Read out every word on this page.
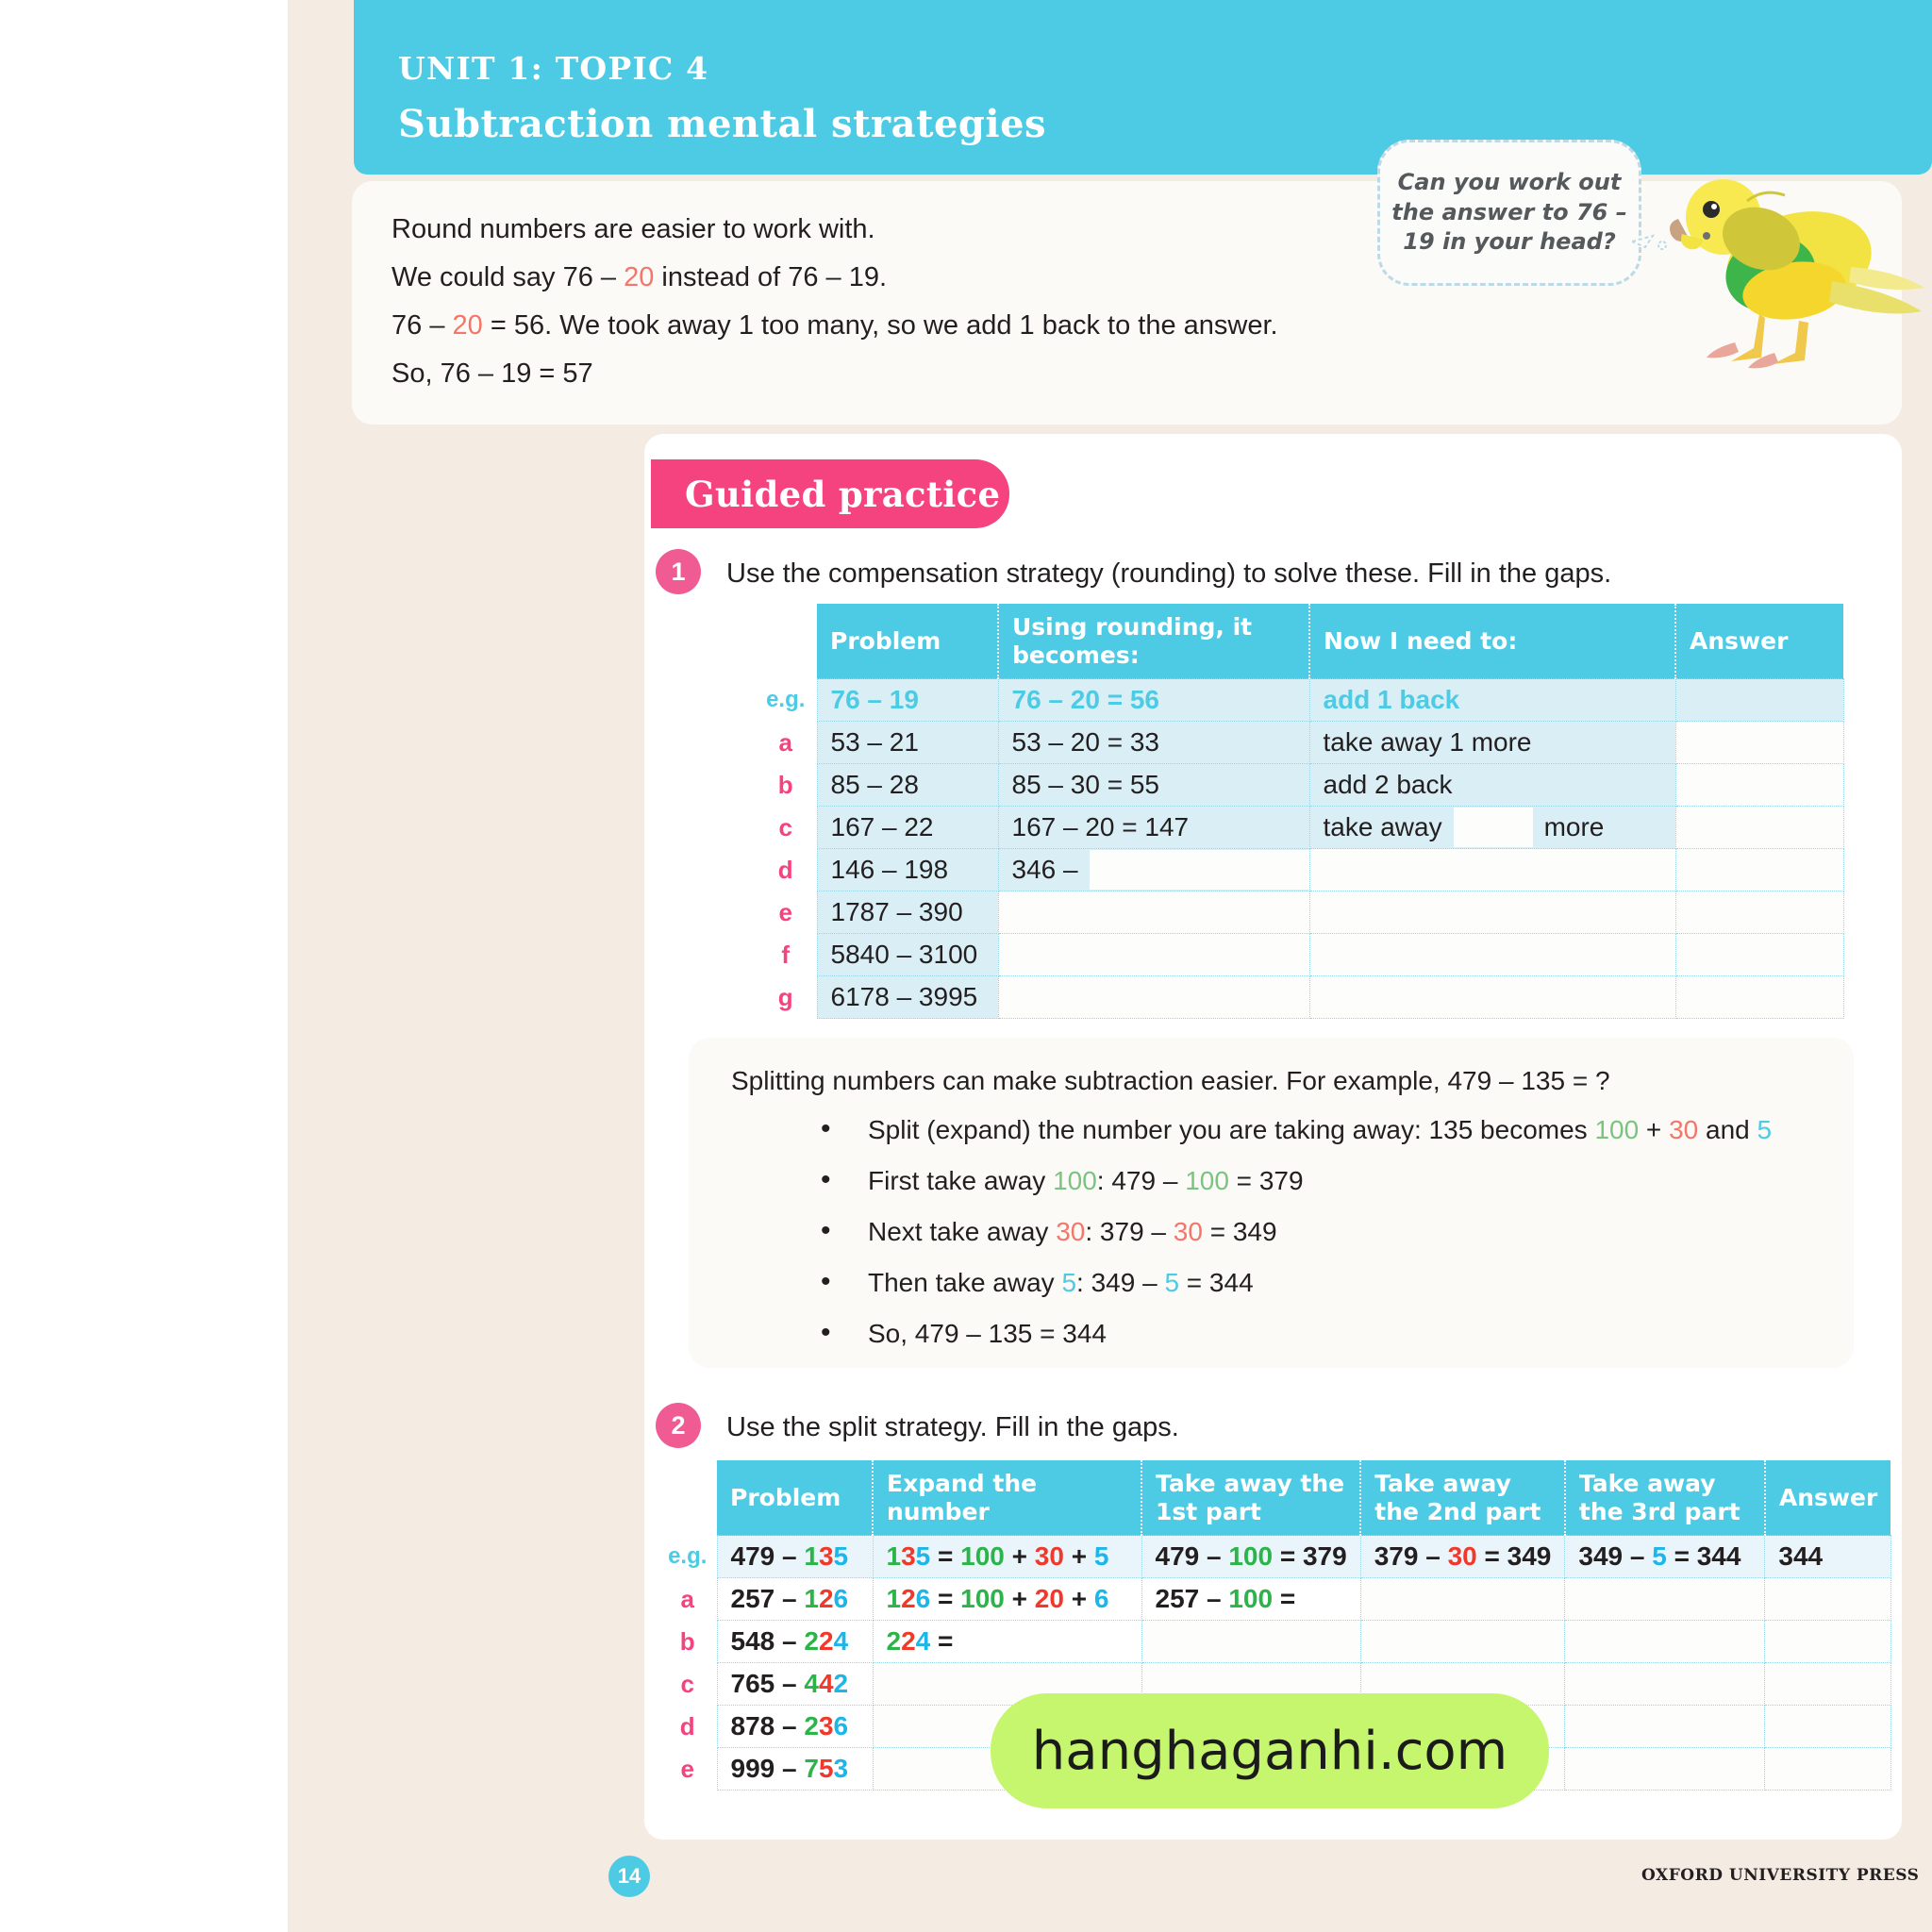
UNIT 1: TOPIC 4
Subtraction mental strategies

Round numbers are easier to work with.

We could say 76 – 20 instead of 76 – 19.

76 – 20 = 56. We took away 1 too many, so we add 1 back to the answer.

So, 76 – 19 = 57

Can you work out the answer to 76 – 19 in your head?
Guided practice
1	Use the compensation strategy (rounding) to solve these. Fill in the gaps.
	Problem	Using rounding, it becomes:	Now I need to:	Answer
e.g.	76 – 19	76 – 20 = 56	add 1 back	
a	53 – 21	53 – 20 = 33	take away 1 more	
b	85 – 28	85 – 30 = 55	add 2 back	
c	167 – 22	167 – 20 = 147	take away more	

d	146 – 198	346 –		

e	1787 – 390			
f	5840 – 3100			
g	6178 – 3995			
Splitting numbers can make subtraction easier. For example, 479 – 135 = ?
• Split (expand) the number you are taking away: 135 becomes 100 + 30 and 5
• First take away 100: 479 – 100 = 379
• Next take away 30: 379 – 30 = 349
• Then take away 5: 349 – 5 = 344
• So, 479 – 135 = 344
2	Use the split strategy. Fill in the gaps.
	Problem	Expand the number	Take away the 1st part	Take away the 2nd part	Take away the 3rd part	Answer
e.g.	479 – 135	135 = 100 + 30 + 5	479 – 100 = 379	379 – 30 = 349	349 – 5 = 344	344
a	257 – 126	126 = 100 + 20 + 6	257 – 100 =			
b	548 – 224	224 =				
c	765 – 442					
d	878 – 236					
e	999 – 753						hanghaganhi.com
14	OXFORD UNIVERSITY PRESS
